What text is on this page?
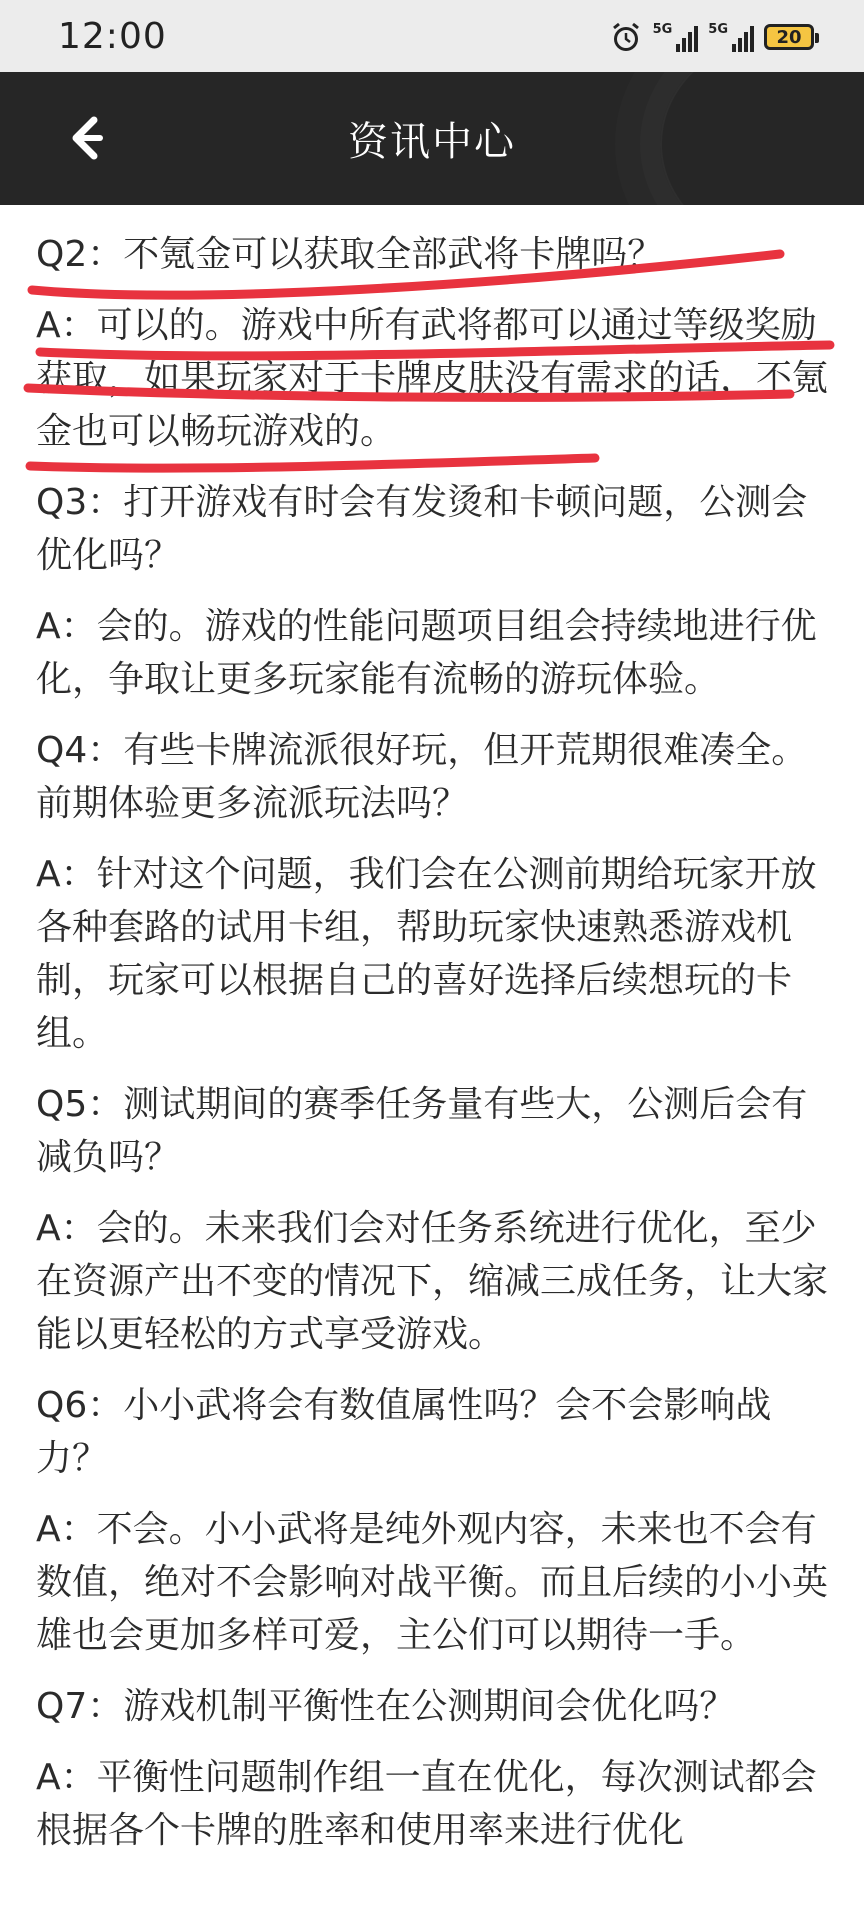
12:00	5G	5G	20
资讯中心

Q2：不氪金可以获取全部武将卡牌吗？

A：可以的。游戏中所有武将都可以通过等级奖励获取，如果玩家对于卡牌皮肤没有需求的话，不氪金也可以畅玩游戏的。

Q3：打开游戏有时会有发烫和卡顿问题，公测会优化吗？

A：会的。游戏的性能问题项目组会持续地进行优化，争取让更多玩家能有流畅的游玩体验。

Q4：有些卡牌流派很好玩，但开荒期很难凑全。前期体验更多流派玩法吗？

A：针对这个问题，我们会在公测前期给玩家开放各种套路的试用卡组，帮助玩家快速熟悉游戏机制，玩家可以根据自己的喜好选择后续想玩的卡组。

Q5：测试期间的赛季任务量有些大，公测后会有减负吗？

A：会的。未来我们会对任务系统进行优化，至少在资源产出不变的情况下，缩减三成任务，让大家能以更轻松的方式享受游戏。

Q6：小小武将会有数值属性吗？会不会影响战力？

A：不会。小小武将是纯外观内容，未来也不会有数值，绝对不会影响对战平衡。而且后续的小小英雄也会更加多样可爱，主公们可以期待一手。

Q7：游戏机制平衡性在公测期间会优化吗？

A：平衡性问题制作组一直在优化，每次测试都会根据各个卡牌的胜率和使用率来进行优化
